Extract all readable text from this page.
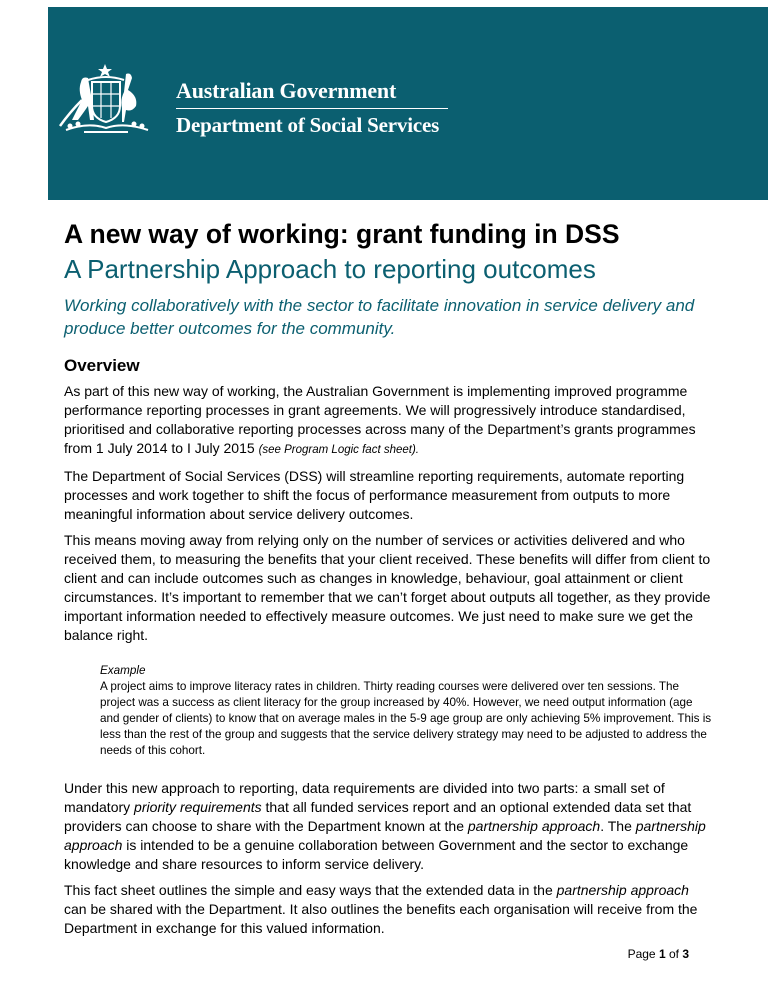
Australian Government
Department of Social Services
A new way of working: grant funding in DSS
A Partnership Approach to reporting outcomes
Working collaboratively with the sector to facilitate innovation in service delivery and produce better outcomes for the community.
Overview

As part of this new way of working, the Australian Government is implementing improved programme performance reporting processes in grant agreements. We will progressively introduce standardised, prioritised and collaborative reporting processes across many of the Department’s grants programmes from 1 July 2014 to I July 2015 (see Program Logic fact sheet).

The Department of Social Services (DSS) will streamline reporting requirements, automate reporting processes and work together to shift the focus of performance measurement from outputs to more meaningful information about service delivery outcomes.

This means moving away from relying only on the number of services or activities delivered and who received them, to measuring the benefits that your client received. These benefits will differ from client to client and can include outcomes such as changes in knowledge, behaviour, goal attainment or client circumstances. It’s important to remember that we can’t forget about outputs all together, as they provide important information needed to effectively measure outcomes. We just need to make sure we get the balance right.

Example
A project aims to improve literacy rates in children. Thirty reading courses were delivered over ten sessions. The project was a success as client literacy for the group increased by 40%. However, we need output information (age and gender of clients) to know that on average males in the 5-9 age group are only achieving 5% improvement. This is less than the rest of the group and suggests that the service delivery strategy may need to be adjusted to address the needs of this cohort.

Under this new approach to reporting, data requirements are divided into two parts: a small set of mandatory priority requirements that all funded services report and an optional extended data set that providers can choose to share with the Department known at the partnership approach. The partnership approach is intended to be a genuine collaboration between Government and the sector to exchange knowledge and share resources to inform service delivery.

This fact sheet outlines the simple and easy ways that the extended data in the partnership approach can be shared with the Department. It also outlines the benefits each organisation will receive from the Department in exchange for this valued information.

Page 1 of 3
